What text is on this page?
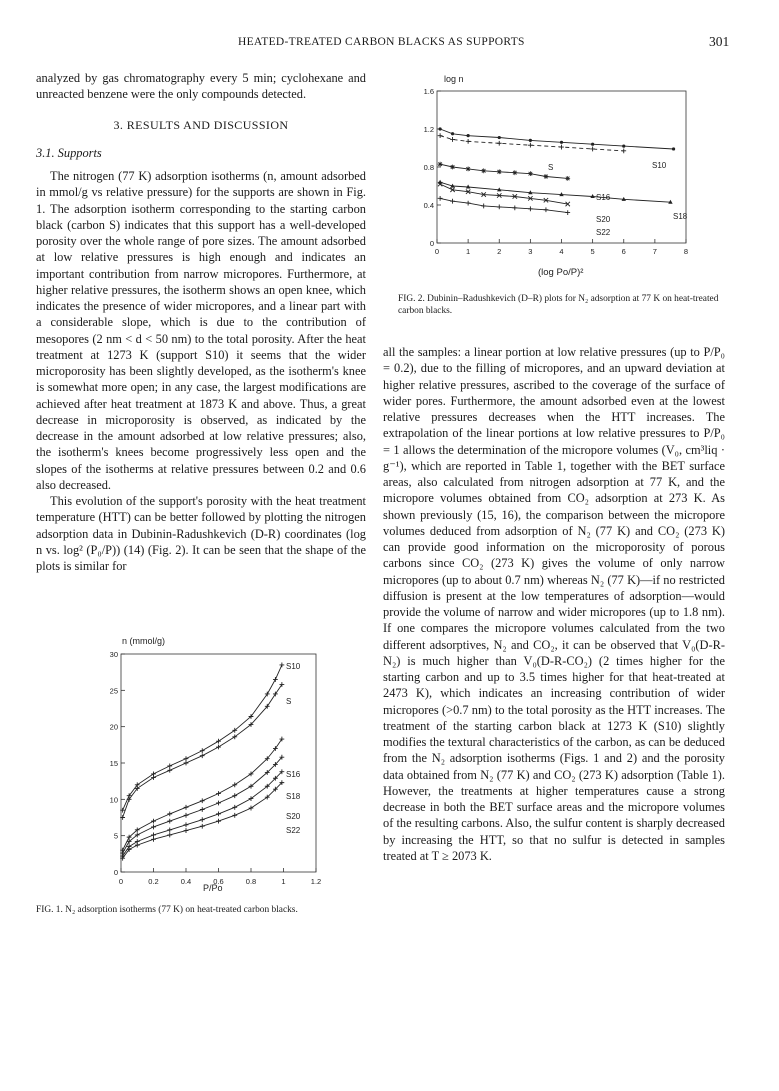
HEATED-TREATED CARBON BLACKS AS SUPPORTS	301

analyzed by gas chromatography every 5 min; cyclohexane and unreacted benzene were the only compounds detected.

3. RESULTS AND DISCUSSION

3.1. Supports

The nitrogen (77 K) adsorption isotherms (n, amount adsorbed in mmol/g vs relative pressure) for the supports are shown in Fig. 1. The adsorption isotherm corresponding to the starting carbon black (carbon S) indicates that this support has a well-developed porosity over the whole range of pore sizes. The amount adsorbed at low relative pressures is high enough and indicates an important contribution from narrow micropores. Furthermore, at higher relative pressures, the isotherm shows an open knee, which indicates the presence of wider micropores, and a linear part with a considerable slope, which is due to the contribution of mesopores (2 nm < d < 50 nm) to the total porosity. After the heat treatment at 1273 K (support S10) it seems that the wider microporosity has been slightly developed, as the isotherm's knee is somewhat more open; in any case, the largest modifications are achieved after heat treatment at 1873 K and above. Thus, a great decrease in microporosity is observed, as indicated by the decrease in the amount adsorbed at low relative pressures; also, the isotherm's knees become progressively less open and the slopes of the isotherms at relative pressures between 0.2 and 0.6 also decreased.

This evolution of the support's porosity with the heat treatment temperature (HTT) can be better followed by plotting the nitrogen adsorption data in Dubinin-Radushkevich (D-R) coordinates (log n vs. log² (P₀/P)) (14) (Fig. 2). It can be seen that the shape of the plots is similar for

all the samples: a linear portion at low relative pressures (up to P/P₀ = 0.2), due to the filling of micropores, and an upward deviation at higher relative pressures, ascribed to the coverage of the surface of wider pores. Furthermore, the amount adsorbed even at the lowest relative pressures decreases when the HTT increases. The extrapolation of the linear portions at low relative pressures to P/P₀ = 1 allows the determination of the micropore volumes (V₀, cm³liq · g⁻¹), which are reported in Table 1, together with the BET surface areas, also calculated from nitrogen adsorption at 77 K, and the micropore volumes obtained from CO₂ adsorption at 273 K. As shown previously (15, 16), the comparison between the micropore volumes deduced from adsorption of N₂ (77 K) and CO₂ (273 K) can provide good information on the microporosity of porous carbons since CO₂ (273 K) gives the volume of only narrow micropores (up to about 0.7 nm) whereas N₂ (77 K)—if no restricted diffusion is present at the low temperatures of adsorption—would provide the volume of narrow and wider micropores (up to 1.8 nm). If one compares the micropore volumes calculated from the two different adsorptives, N₂ and CO₂, it can be observed that V₀(D-R-N₂) is much higher than V₀(D-R-CO₂) (2 times higher for the starting carbon and up to 3.5 times higher for that heat-treated at 2473 K), which indicates an increasing contribution of wider micropores (>0.7 nm) to the total porosity as the HTT increases. The treatment of the starting carbon black at 1273 K (S10) slightly modifies the textural characteristics of the carbon, as can be deduced from the N₂ adsorption isotherms (Figs. 1 and 2) and the porosity data obtained from N₂ (77 K) and CO₂ (273 K) adsorption (Table 1). However, the treatments at higher temperatures cause a strong decrease in both the BET surface areas and the micropore volumes of the resulting carbons. Also, the sulfur content is sharply decreased by increasing the HTT, so that no sulfur is detected in samples treated at T ≥ 2073 K.

n (mmol/g)
P/Po
0	0.2	0.4	0.6	0.8	1	1.2
0
5
10
15
20
25
30
S10
S
S16
S18
S20
S22
FIG. 1. N₂ adsorption isotherms (77 K) on heat-treated carbon blacks.
log n
(log Po/P)²
0	1	2	3	4	5	6	7	8
0
0.4
0.8
1.2
1.6
S10
S
S16
S18
S20
S22
FIG. 2. Dubinin–Radushkevich (D–R) plots for N₂ adsorption at 77 K on heat-treated carbon blacks.
